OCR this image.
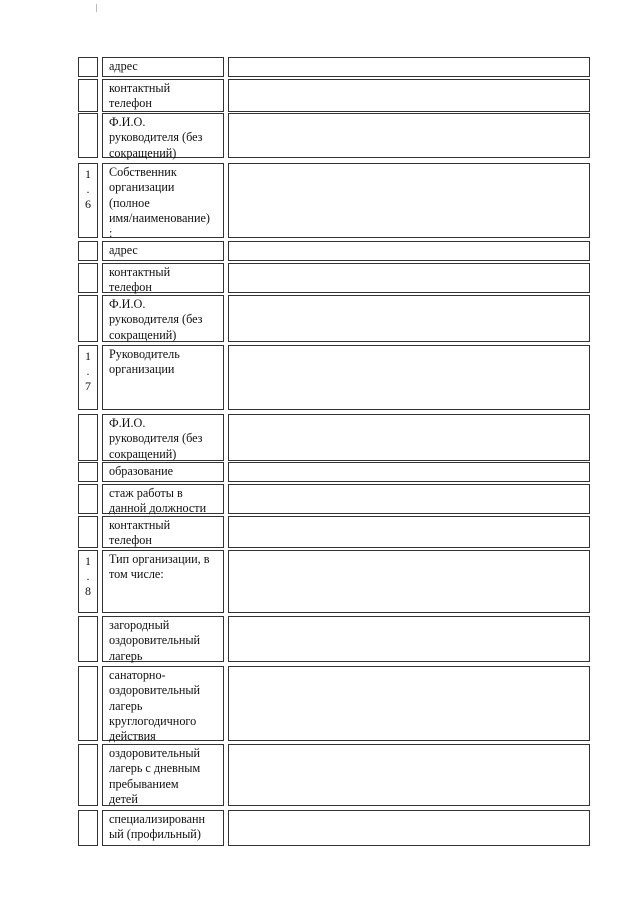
адрес
контактный
телефон
Ф.И.О.
руководителя (без
сокращений)
1
.
6
Собственник
организации
(полное
имя/наименование)
:
адрес
контактный
телефон
Ф.И.О.
руководителя (без
сокращений)
1
.
7
Руководитель
организации
Ф.И.О.
руководителя (без
сокращений)
образование
стаж работы в
данной должности
контактный
телефон
1
.
8
Тип организации, в
том числе:
загородный
оздоровительный
лагерь
санаторно-
оздоровительный
лагерь
круглогодичного
действия
оздоровительный
лагерь с дневным
пребыванием
детей
специализированн
ый (профильный)
